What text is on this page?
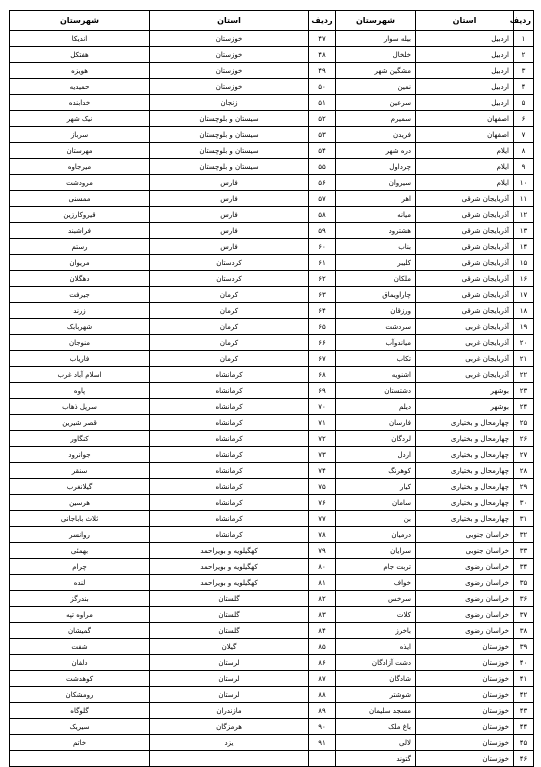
ردیف	استان	شهرستان	ردیف	استان	شهرستان
۱	اردبیل	بیله سوار	۴۷	خوزستان	اندیکا
۲	اردبیل	خلخال	۴۸	خوزستان	هفتکل
۳	اردبیل	مشگین شهر	۴۹	خوزستان	هویزه
۴	اردبیل	نمین	۵۰	خوزستان	حمیدیه
۵	اردبیل	سرعین	۵۱	زنجان	خدابنده
۶	اصفهان	سمیرم	۵۲	سیستان و بلوچستان	نیک شهر
۷	اصفهان	فریدن	۵۳	سیستان و بلوچستان	سرباز
۸	ایلام	دره شهر	۵۴	سیستان و بلوچستان	مهرستان
۹	ایلام	چرداول	۵۵	سیستان و بلوچستان	میرجاوه
۱۰	ایلام	سیروان	۵۶	فارس	مرودشت
۱۱	آذربایجان شرقی	اهر	۵۷	فارس	ممسنی
۱۲	آذربایجان شرقی	میانه	۵۸	فارس	قیروکارزین
۱۳	آذربایجان شرقی	هشترود	۵۹	فارس	فراشبند
۱۴	آذربایجان شرقی	بناب	۶۰	فارس	رستم
۱۵	آذربایجان شرقی	کلیبر	۶۱	کردستان	مریوان
۱۶	آذربایجان شرقی	ملکان	۶۲	کردستان	دهگلان
۱۷	آذربایجان شرقی	چاراویماق	۶۳	کرمان	جیرفت
۱۸	آذربایجان شرقی	ورزقان	۶۴	کرمان	زرند
۱۹	آذربایجان غربی	سردشت	۶۵	کرمان	شهربابک
۲۰	آذربایجان غربی	میاندوآب	۶۶	کرمان	منوجان
۲۱	آذربایجان غربی	تکاب	۶۷	کرمان	فارياب
۲۲	آذربایجان غربی	اشنویه	۶۸	کرمانشاه	اسلام آباد غرب
۲۳	بوشهر	دشتستان	۶۹	کرمانشاه	پاوه
۲۴	بوشهر	دیلم	۷۰	کرمانشاه	سرپل ذهاب
۲۵	چهارمحال و بختیاری	فارسان	۷۱	کرمانشاه	قصر شیرین
۲۶	چهارمحال و بختیاری	لردگان	۷۲	کرمانشاه	کنگاور
۲۷	چهارمحال و بختیاری	اردل	۷۳	کرمانشاه	جوانرود
۲۸	چهارمحال و بختیاری	کوهرنگ	۷۴	کرمانشاه	سنقر
۲۹	چهارمحال و بختیاری	کیار	۷۵	کرمانشاه	گیلانغرب
۳۰	چهارمحال و بختیاری	سامان	۷۶	کرمانشاه	هرسین
۳۱	چهارمحال و بختیاری	بن	۷۷	کرمانشاه	ثلاث باباجانی
۳۲	خراسان جنوبی	درمیان	۷۸	کرمانشاه	روانسر
۳۳	خراسان جنوبی	سرایان	۷۹	کهگیلویه و بویراحمد	بهمئی
۳۴	خراسان رضوی	تربت جام	۸۰	کهگیلویه و بویراحمد	چرام
۳۵	خراسان رضوی	خواف	۸۱	کهگیلویه و بویراحمد	لنده
۳۶	خراسان رضوی	سرخس	۸۲	گلستان	بندرگز
۳۷	خراسان رضوی	کلات	۸۳	گلستان	مراوه تپه
۳۸	خراسان رضوی	باخرز	۸۴	گلستان	گمیشان
۳۹	خوزستان	ایذه	۸۵	گیلان	شفت
۴۰	خوزستان	دشت آزادگان	۸۶	لرستان	دلفان
۴۱	خوزستان	شادگان	۸۷	لرستان	کوهدشت
۴۲	خوزستان	شوشتر	۸۸	لرستان	رومشکان
۴۳	خوزستان	مسجد سلیمان	۸۹	مازندران	گلوگاه
۴۴	خوزستان	باغ ملک	۹۰	هرمزگان	سیریک
۴۵	خوزستان	لالی	۹۱	یزد	خاتم
۴۶	خوزستان	گتوند			
